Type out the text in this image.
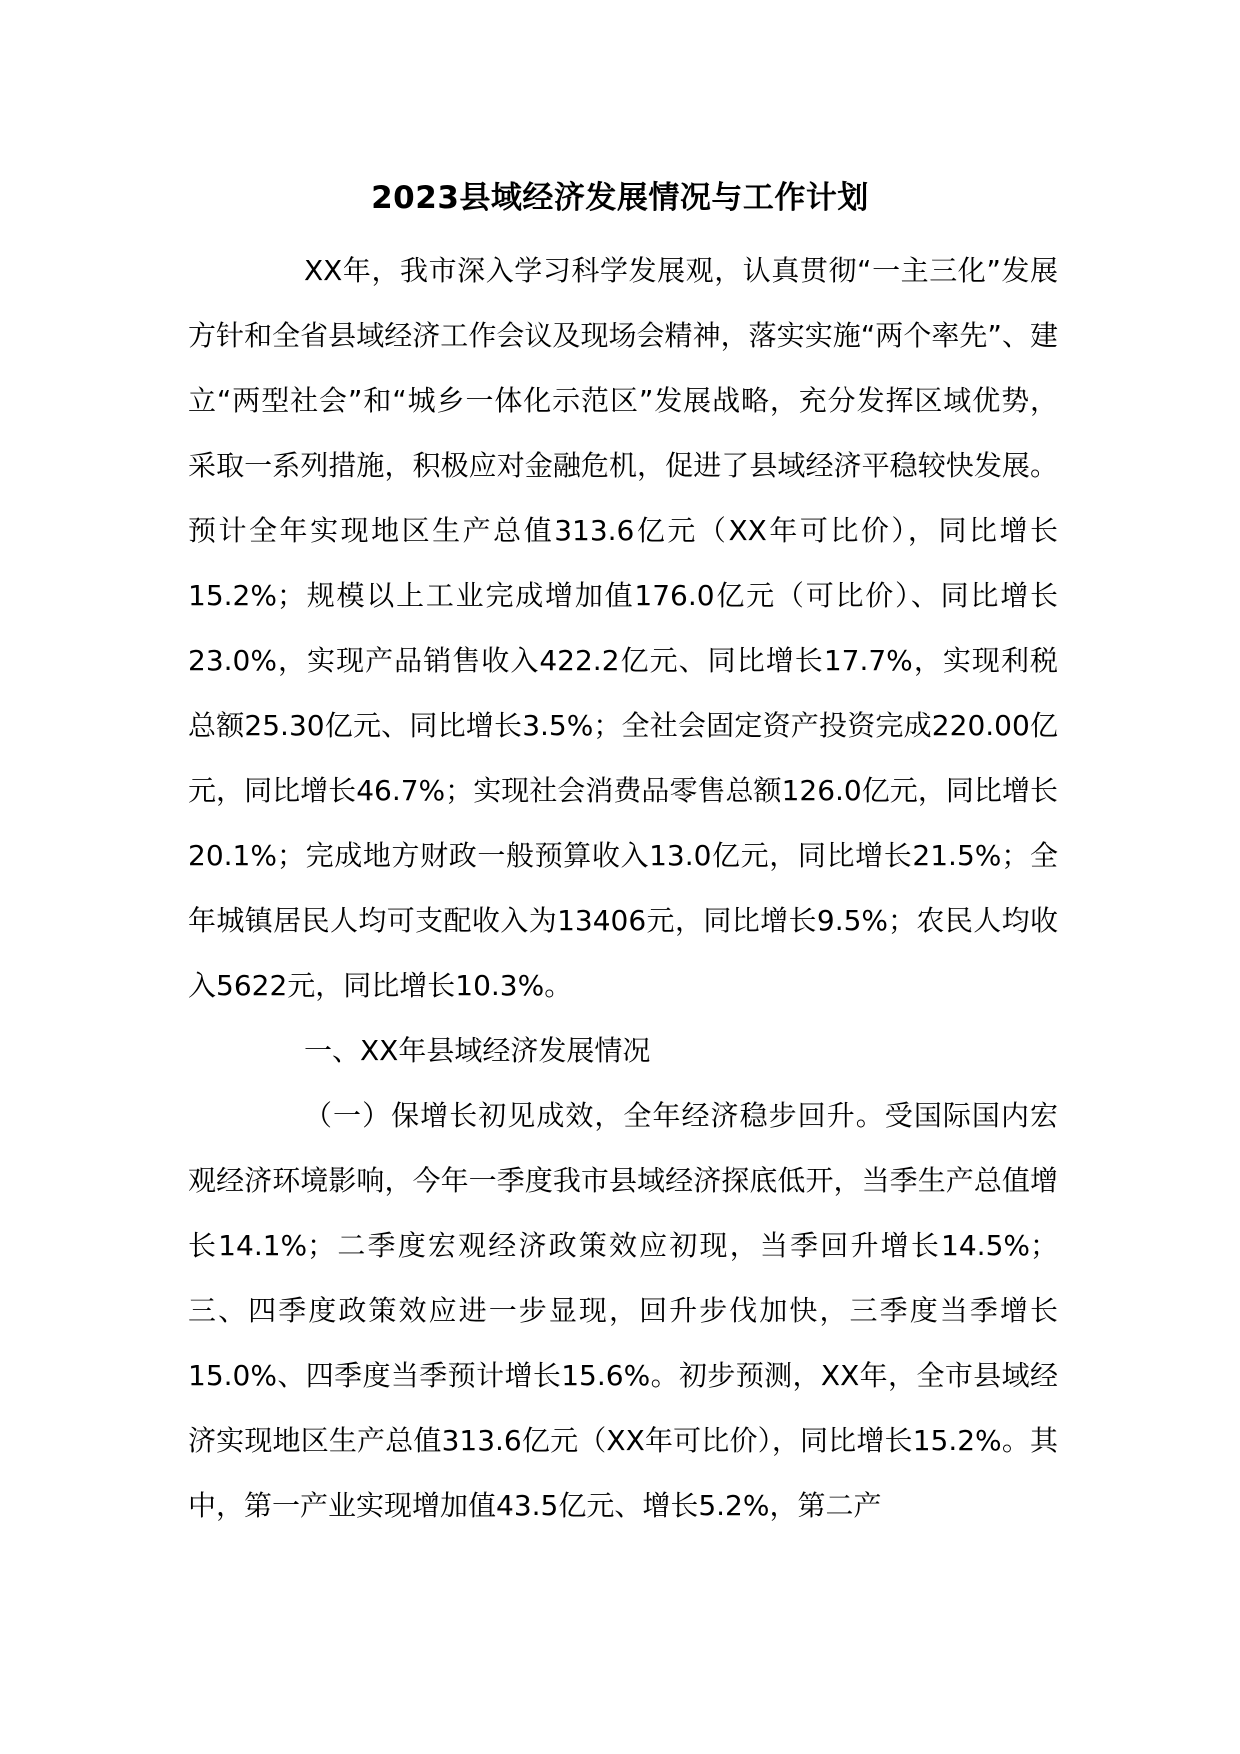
2023县域经济发展情况与工作计划

XX年，我市深入学习科学发展观，认真贯彻“一主三化”发展方针和全省县域经济工作会议及现场会精神，落实实施“两个率先”、建立“两型社会”和“城乡一体化示范区”发展战略，充分发挥区域优势，采取一系列措施，积极应对金融危机，促进了县域经济平稳较快发展。预计全年实现地区生产总值313.6亿元（XX年可比价），同比增长15.2%；规模以上工业完成增加值176.0亿元（可比价）、同比增长23.0%，实现产品销售收入422.2亿元、同比增长17.7%，实现利税总额25.30亿元、同比增长3.5%；全社会固定资产投资完成220.00亿元，同比增长46.7%；实现社会消费品零售总额126.0亿元，同比增长20.1%；完成地方财政一般预算收入13.0亿元，同比增长21.5%；全年城镇居民人均可支配收入为13406元，同比增长9.5%；农民人均收入5622元，同比增长10.3%。

一、XX年县域经济发展情况

（一）保增长初见成效，全年经济稳步回升。受国际国内宏观经济环境影响，今年一季度我市县域经济探底低开，当季生产总值增长14.1%；二季度宏观经济政策效应初现，当季回升增长14.5%；三、四季度政策效应进一步显现，回升步伐加快，三季度当季增长15.0%、四季度当季预计增长15.6%。初步预测，XX年，全市县域经济实现地区生产总值313.6亿元（XX年可比价），同比增长15.2%。其中，第一产业实现增加值43.5亿元、增长5.2%，第二产
